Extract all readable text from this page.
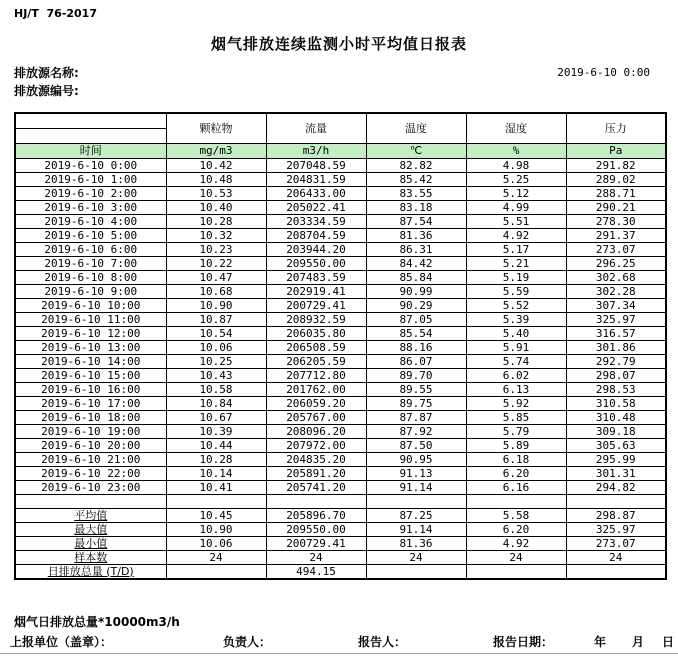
HJ/T  76-2017
烟气排放连续监测小时平均值日报表
排放源名称:
排放源编号:
2019-6-10 0:00
	颗粒物	流量	温度	湿度	压力

时间	mg/m3	m3/h	℃	%	Pa
2019-6-10 0:00	10.42	207048.59	82.82	4.98	291.82
2019-6-10 1:00	10.48	204831.59	85.42	5.25	289.02
2019-6-10 2:00	10.53	206433.00	83.55	5.12	288.71
2019-6-10 3:00	10.40	205022.41	83.18	4.99	290.21
2019-6-10 4:00	10.28	203334.59	87.54	5.51	278.30
2019-6-10 5:00	10.32	208704.59	81.36	4.92	291.37
2019-6-10 6:00	10.23	203944.20	86.31	5.17	273.07
2019-6-10 7:00	10.22	209550.00	84.42	5.21	296.25
2019-6-10 8:00	10.47	207483.59	85.84	5.19	302.68
2019-6-10 9:00	10.68	202919.41	90.99	5.59	302.28
2019-6-10 10:00	10.90	200729.41	90.29	5.52	307.34
2019-6-10 11:00	10.87	208932.59	87.05	5.39	325.97
2019-6-10 12:00	10.54	206035.80	85.54	5.40	316.57
2019-6-10 13:00	10.06	206508.59	88.16	5.91	301.86
2019-6-10 14:00	10.25	206205.59	86.07	5.74	292.79
2019-6-10 15:00	10.43	207712.80	89.70	6.02	298.07
2019-6-10 16:00	10.58	201762.00	89.55	6.13	298.53
2019-6-10 17:00	10.84	206059.20	89.75	5.92	310.58
2019-6-10 18:00	10.67	205767.00	87.87	5.85	310.48
2019-6-10 19:00	10.39	208096.20	87.92	5.79	309.18
2019-6-10 20:00	10.44	207972.00	87.50	5.89	305.63
2019-6-10 21:00	10.28	204835.20	90.95	6.18	295.99
2019-6-10 22:00	10.14	205891.20	91.13	6.20	301.31
2019-6-10 23:00	10.41	205741.20	91.14	6.16	294.82

平均值	10.45	205896.70	87.25	5.58	298.87
最大值	10.90	209550.00	91.14	6.20	325.97
最小值	10.06	200729.41	81.36	4.92	273.07
样本数	24	24	24	24	24
日排放总量 (T/D)		494.15			
烟气日排放总量*10000m3/h
上报单位（盖章）：	负责人：	报告人：	报告日期：	年 月 日
